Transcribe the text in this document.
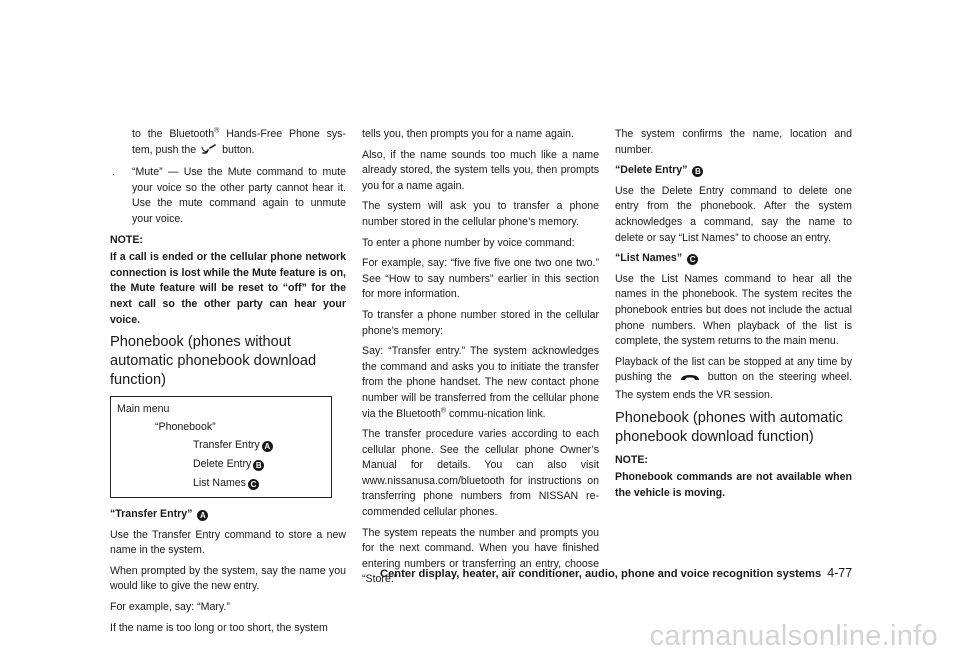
to the Bluetooth® Hands-Free Phone sys-tem, push the button.

. “Mute” — Use the Mute command to mute your voice so the other party cannot hear it. Use the mute command again to unmute your voice.

NOTE:

If a call is ended or the cellular phone network connection is lost while the Mute feature is on, the Mute feature will be reset to “off” for the next call so the other party can hear your voice.

Phonebook (phones without automatic phonebook download function)
Main menu
“Phonebook”
Transfer Entry A
Delete Entry B
List Names C

“Transfer Entry” A

Use the Transfer Entry command to store a new name in the system.

When prompted by the system, say the name you would like to give the new entry.

For example, say: “Mary.”

If the name is too long or too short, the system

tells you, then prompts you for a name again.

Also, if the name sounds too much like a name already stored, the system tells you, then prompts you for a name again.

The system will ask you to transfer a phone number stored in the cellular phone’s memory.

To enter a phone number by voice command:

For example, say: “five five five one two one two.” See “How to say numbers” earlier in this section for more information.

To transfer a phone number stored in the cellular phone’s memory:

Say: “Transfer entry.” The system acknowledges the command and asks you to initiate the transfer from the phone handset. The new contact phone number will be transferred from the cellular phone via the Bluetooth® commu-nication link.

The transfer procedure varies according to each cellular phone. See the cellular phone Owner’s Manual for details. You can also visit www.nissanusa.com/bluetooth for instructions on transferring phone numbers from NISSAN re-commended cellular phones.

The system repeats the number and prompts you for the next command. When you have finished entering numbers or transferring an entry, choose “Store.”

The system confirms the name, location and number.

“Delete Entry” B

Use the Delete Entry command to delete one entry from the phonebook. After the system acknowledges a command, say the name to delete or say “List Names” to choose an entry.

“List Names” C

Use the List Names command to hear all the names in the phonebook. The system recites the phonebook entries but does not include the actual phone numbers. When playback of the list is complete, the system returns to the main menu.

Playback of the list can be stopped at any time by pushing the	button on the steering wheel. The system ends the VR session.

Phonebook (phones with automatic phonebook download function)

NOTE:

Phonebook commands are not available when the vehicle is moving.

Center display, heater, air conditioner, audio, phone and voice recognition systems 4-77
carmanualsonline.info
